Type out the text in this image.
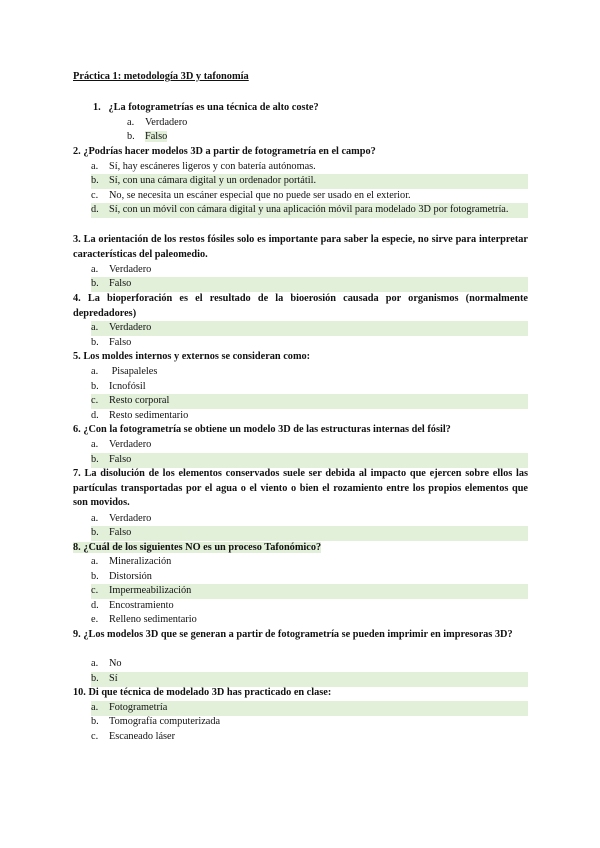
Práctica 1: metodología 3D y tafonomía
1. ¿La fotogrametrías es una técnica de alto coste?
a. Verdadero
b. Falso
2. ¿Podrías hacer modelos 3D a partir de fotogrametría en el campo?
a. Sí, hay escáneres ligeros y con batería autónomas.
b. Sí, con una cámara digital y un ordenador portátil.
c. No, se necesita un escáner especial que no puede ser usado en el exterior.
d. Sí, con un móvil con cámara digital y una aplicación móvil para modelado 3D por fotogrametría.
3. La orientación de los restos fósiles solo es importante para saber la especie, no sirve para interpretar características del paleomedio.
a. Verdadero
b. Falso
4. La bioperforación es el resultado de la bioerosión causada por organismos (normalmente depredadores)
a. Verdadero
b. Falso
5. Los moldes internos y externos se consideran como:
a. Pisapaleles
b. Icnofósil
c. Resto corporal
d. Resto sedimentario
6. ¿Con la fotogrametría se obtiene un modelo 3D de las estructuras internas del fósil?
a. Verdadero
b. Falso
7. La disolución de los elementos conservados suele ser debida al impacto que ejercen sobre ellos las partículas transportadas por el agua o el viento o bien el rozamiento entre los propios elementos que son movidos.
a. Verdadero
b. Falso
8. ¿Cuál de los siguientes NO es un proceso Tafonómico?
a. Mineralización
b. Distorsión
c. Impermeabilización
d. Encostramiento
e. Relleno sedimentario
9. ¿Los modelos 3D que se generan a partir de fotogrametría se pueden imprimir en impresoras 3D?
a. No
b. Sí
10. Di que técnica de modelado 3D has practicado en clase:
a. Fotogrametría
b. Tomografía computerizada
c. Escaneado láser
